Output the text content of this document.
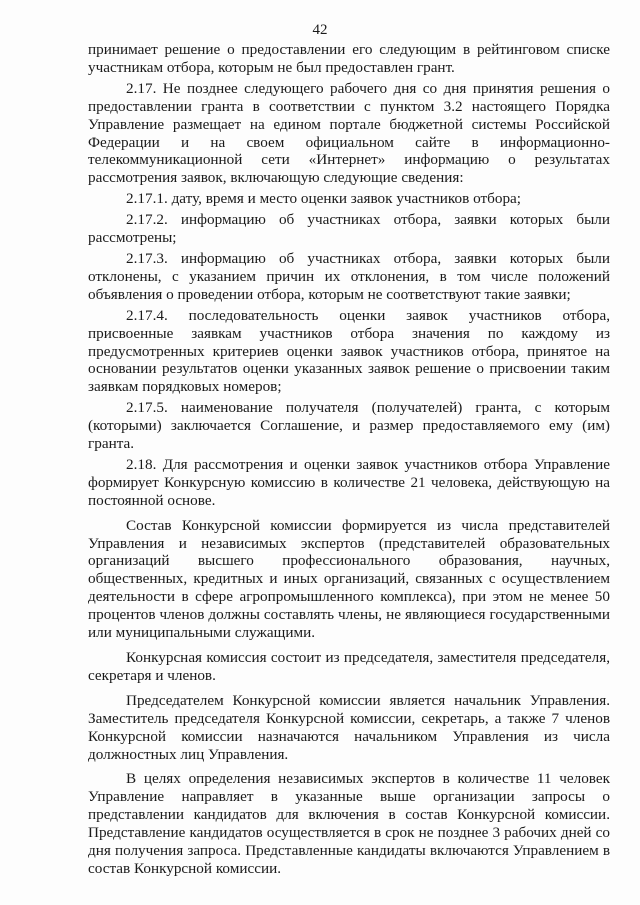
42

принимает решение о предоставлении его следующим в рейтинговом списке участникам отбора, которым не был предоставлен грант.

2.17. Не позднее следующего рабочего дня со дня принятия решения о предоставлении гранта в соответствии с пунктом 3.2 настоящего Порядка Управление размещает на едином портале бюджетной системы Российской Федерации и на своем официальном сайте в информационно-телекоммуникационной сети «Интернет» информацию о результатах рассмотрения заявок, включающую следующие сведения:

2.17.1. дату, время и место оценки заявок участников отбора;

2.17.2. информацию об участниках отбора, заявки которых были рассмотрены;

2.17.3. информацию об участниках отбора, заявки которых были отклонены, с указанием причин их отклонения, в том числе положений объявления о проведении отбора, которым не соответствуют такие заявки;

2.17.4. последовательность оценки заявок участников отбора, присвоенные заявкам участников отбора значения по каждому из предусмотренных критериев оценки заявок участников отбора, принятое на основании результатов оценки указанных заявок решение о присвоении таким заявкам порядковых номеров;

2.17.5. наименование получателя (получателей) гранта, с которым (которыми) заключается Соглашение, и размер предоставляемого ему (им) гранта.

2.18. Для рассмотрения и оценки заявок участников отбора Управление формирует Конкурсную комиссию в количестве 21 человека, действующую на постоянной основе.

Состав Конкурсной комиссии формируется из числа представителей Управления и независимых экспертов (представителей образовательных организаций высшего профессионального образования, научных, общественных, кредитных и иных организаций, связанных с осуществлением деятельности в сфере агропромышленного комплекса), при этом не менее 50 процентов членов должны составлять члены, не являющиеся государственными или муниципальными служащими.

Конкурсная комиссия состоит из председателя, заместителя председателя, секретаря и членов.

Председателем Конкурсной комиссии является начальник Управления. Заместитель председателя Конкурсной комиссии, секретарь, а также 7 членов Конкурсной комиссии назначаются начальником Управления из числа должностных лиц Управления.

В целях определения независимых экспертов в количестве 11 человек Управление направляет в указанные выше организации запросы о представлении кандидатов для включения в состав Конкурсной комиссии. Представление кандидатов осуществляется в срок не позднее 3 рабочих дней со дня получения запроса. Представленные кандидаты включаются Управлением в состав Конкурсной комиссии.
